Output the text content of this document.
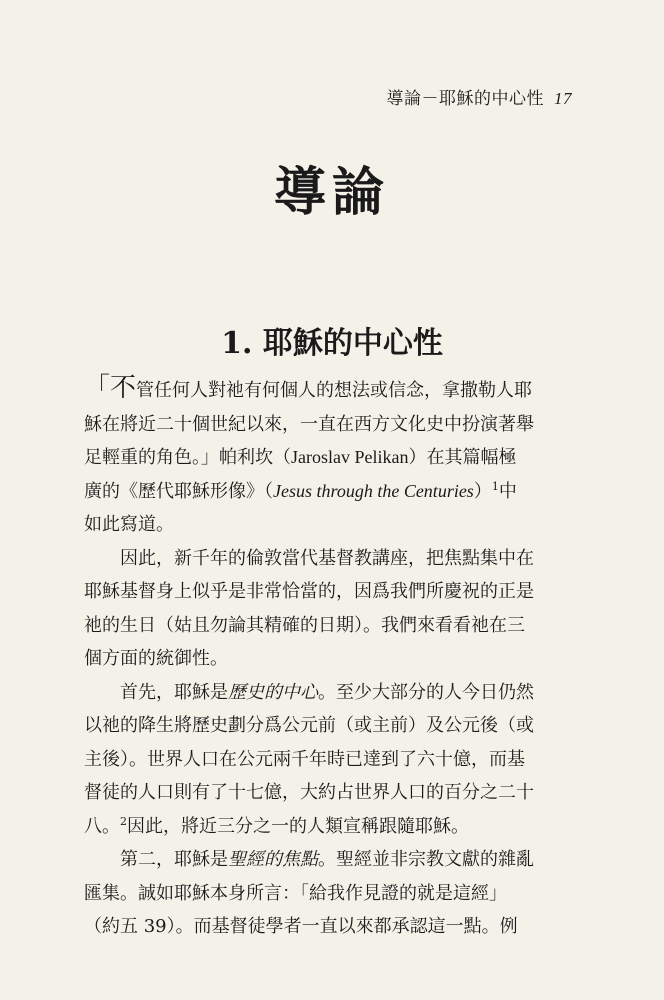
導論－耶穌的中心性 17
導論
1. 耶穌的中心性
「不管任何人對祂有何個人的想法或信念，拿撒勒人耶
穌在將近二十個世紀以來，一直在西方文化史中扮演著舉
足輕重的角色。」帕利坎（Jaroslav Pelikan）在其篇幅極
廣的《歷代耶穌形像》（Jesus through the Centuries）$^1$中
如此寫道。
　　因此，新千年的倫敦當代基督教講座，把焦點集中在
耶穌基督身上似乎是非常恰當的，因爲我們所慶祝的正是
祂的生日（姑且勿論其精確的日期）。我們來看看祂在三
個方面的統御性。
　　首先，耶穌是歷史的中心。至少大部分的人今日仍然
以祂的降生將歷史劃分爲公元前（或主前）及公元後（或
主後）。世界人口在公元兩千年時已達到了六十億，而基
督徒的人口則有了十七億，大約占世界人口的百分之二十
八。$^2$因此，將近三分之一的人類宣稱跟隨耶穌。
　　第二，耶穌是聖經的焦點。聖經並非宗教文獻的雜亂
匯集。誠如耶穌本身所言：「給我作見證的就是這經」
（約五 39）。而基督徒學者一直以來都承認這一點。例
